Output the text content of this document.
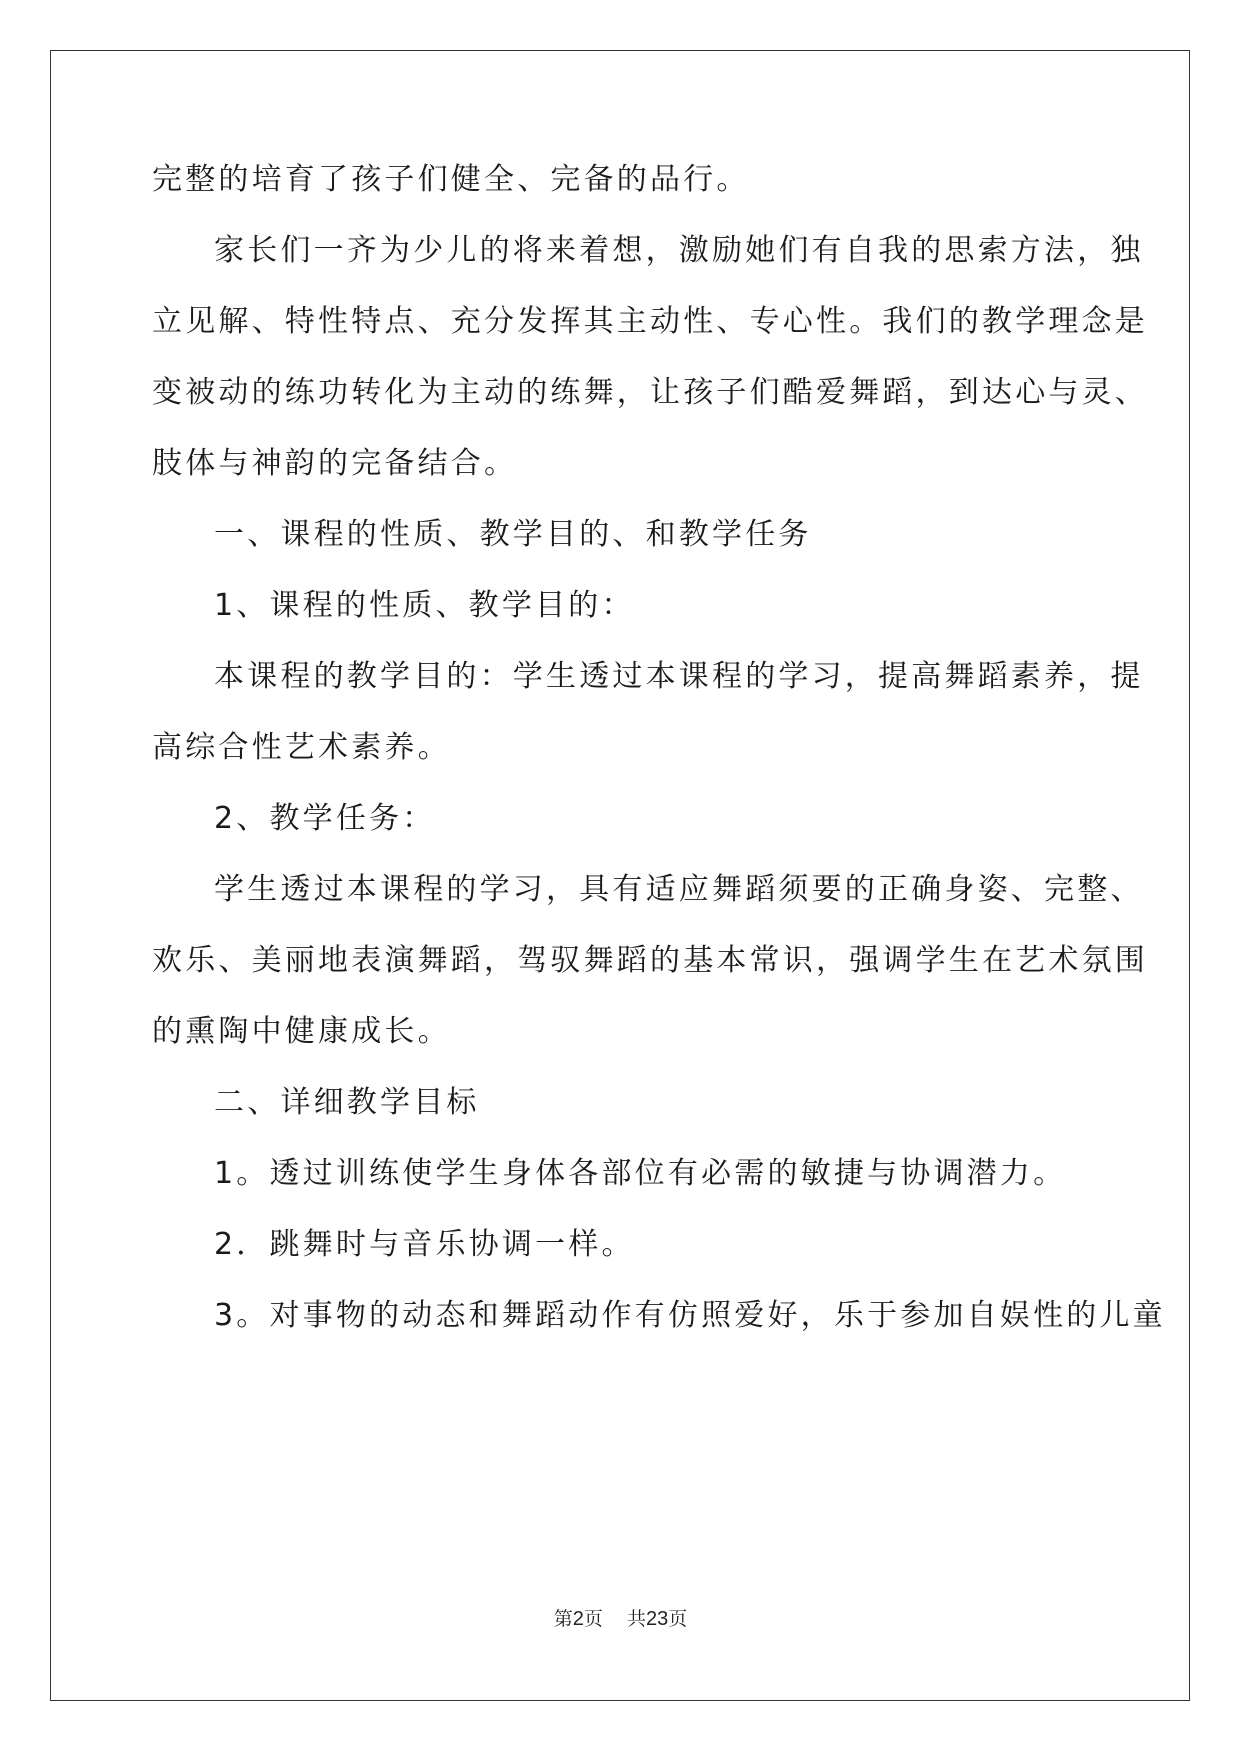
完整的培育了孩子们健全、完备的品行。
家长们一齐为少儿的将来着想，激励她们有自我的思索方法，独
立见解、特性特点、充分发挥其主动性、专心性。我们的教学理念是
变被动的练功转化为主动的练舞，让孩子们酷爱舞蹈，到达心与灵、
肢体与神韵的完备结合。
一、课程的性质、教学目的、和教学任务
1、课程的性质、教学目的：
本课程的教学目的：学生透过本课程的学习，提高舞蹈素养，提
高综合性艺术素养。
2、教学任务：
学生透过本课程的学习，具有适应舞蹈须要的正确身姿、完整、
欢乐、美丽地表演舞蹈，驾驭舞蹈的基本常识，强调学生在艺术氛围
的熏陶中健康成长。
二、详细教学目标
1。透过训练使学生身体各部位有必需的敏捷与协调潜力。
2．跳舞时与音乐协调一样。
3。对事物的动态和舞蹈动作有仿照爱好，乐于参加自娱性的儿童
第2页 共23页
